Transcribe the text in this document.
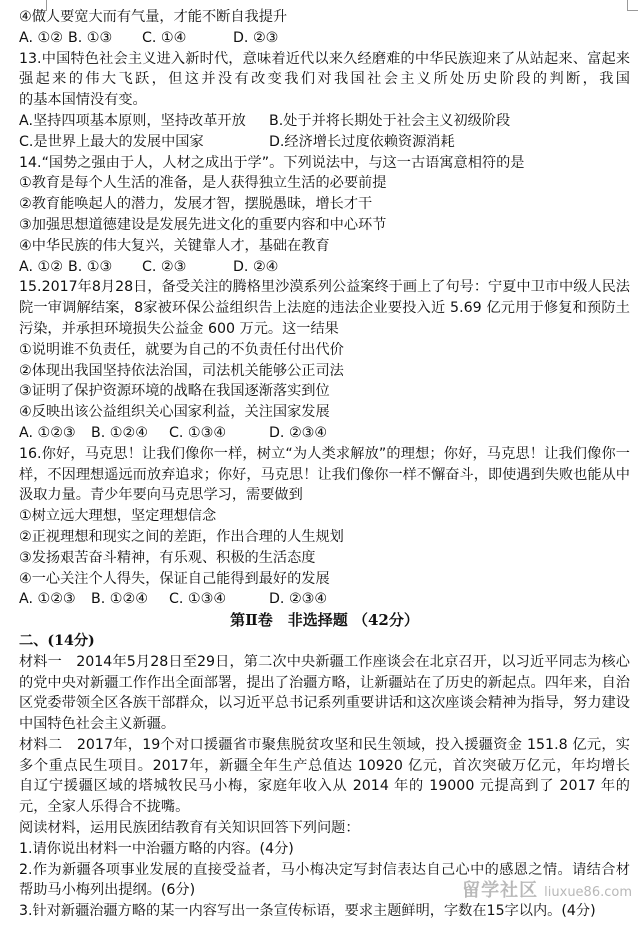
④做人要宽大而有气量，才能不断自我提升
A. ①② B. ①③ C. ①④	D. ②③
13.中国特色社会主义进入新时代，意味着近代以来久经磨难的中华民族迎来了从站起来、富起来
强起来的伟大飞跃，但这并没有改变我们对我国社会主义所处历史阶段的判断，我国
的基本国情没有变。
A.坚持四项基本原则，坚持改革开放 B.处于并将长期处于社会主义初级阶段
C.是世界上最大的发展中国家	D.经济增长过度依赖资源消耗
14.“国势之强由于人，人材之成出于学”。下列说法中，与这一古语寓意相符的是
①教育是每个人生活的准备，是人获得独立生活的必要前提
②教育能唤起人的潜力，发展才智，摆脱愚昧，增长才干
③加强思想道德建设是发展先进文化的重要内容和中心环节
④中华民族的伟大复兴，关键靠人才，基础在教育
A. ①② B. ①③ C. ②③	D. ②④
15.2017年8月28日，备受关注的腾格里沙漠系列公益案终于画上了句号：宁夏中卫市中级人民法
院一审调解结案，8家被环保公益组织告上法庭的违法企业要投入近 5.69 亿元用于修复和预防土
污染，并承担环境损失公益金 600 万元。这一结果
①说明谁不负责任，就要为自己的不负责任付出代价
②体现出我国坚持依法治国，司法机关能够公正司法
③证明了保护资源环境的战略在我国逐渐落实到位
④反映出该公益组织关心国家利益，关注国家发展
A. ①②③ B. ①②④ C. ①③④	D. ②③④
16.你好，马克思！让我们像你一样，树立“为人类求解放”的理想；你好，马克思！让我们像你一
样，不因理想遥远而放弃追求；你好，马克思！让我们像你一样不懈奋斗，即使遇到失败也能从中
汲取力量。青少年要向马克思学习，需要做到
①树立远大理想，坚定理想信念
②正视理想和现实之间的差距，作出合理的人生规划
③发扬艰苦奋斗精神，有乐观、积极的生活态度
④一心关注个人得失，保证自己能得到最好的发展
A. ①②③ B. ①②④ C. ①③④	D. ②③④
第Ⅱ卷　非选择题 （42分）
二、(14分)
材料一　2014年5月28日至29日，第二次中央新疆工作座谈会在北京召开，以习近平同志为核心
的党中央对新疆工作作出全面部署，提出了治疆方略，让新疆站在了历史的新起点。四年来，自治
区党委带领全区各族干部群众，以习近平总书记系列重要讲话和这次座谈会精神为指导，努力建设
中国特色社会主义新疆。
材料二　2017年，19个对口援疆省市聚焦脱贫攻坚和民生领域，投入援疆资金 151.8 亿元，实
多个重点民生项目。2017年，新疆全年生产总值达 10920 亿元，首次突破万亿元，年均增长
自辽宁援疆区域的塔城牧民马小梅，家庭年收入从 2014 年的 19000 元提高到了 2017 年的
元，全家人乐得合不拢嘴。
阅读材料，运用民族团结教育有关知识回答下列问题：
1.请你说出材料一中治疆方略的内容。(4分)
2.作为新疆各项事业发展的直接受益者，马小梅决定写封信表达自己心中的感恩之情。请结合材
帮助马小梅列出提纲。(6分)
3.针对新疆治疆方略的某一内容写出一条宣传标语，要求主题鲜明，字数在15字以内。(4分)
留学社区 liuxue86.com
